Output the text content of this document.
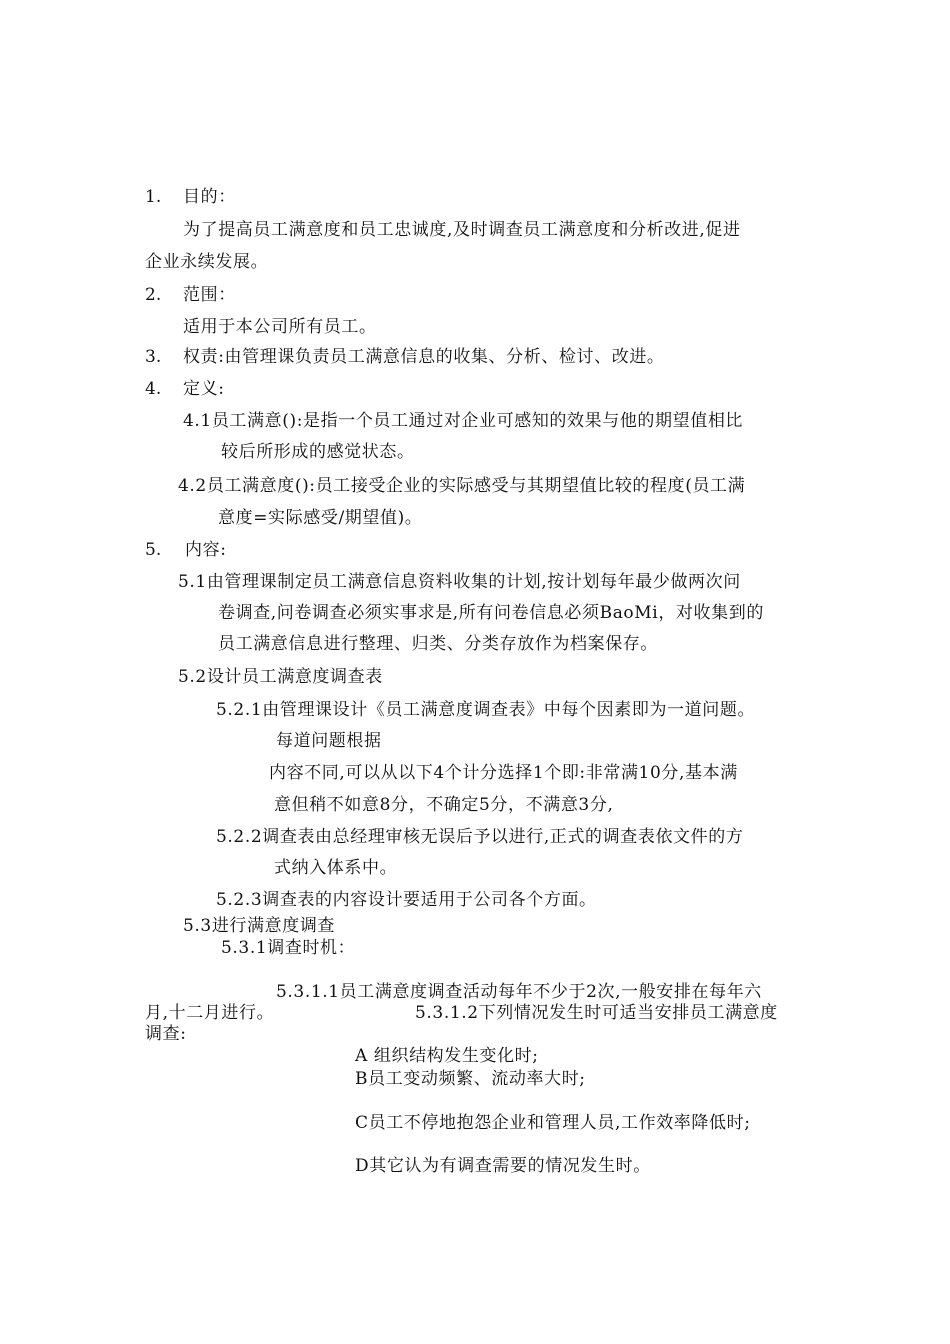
1. 目的：
为了提高员工满意度和员工忠诚度,及时调查员工满意度和分析改进,促进
企业永续发展。
2. 范围：
适用于本公司所有员工。
3. 权责:由管理课负责员工满意信息的收集、分析、检讨、改进。
4. 定义:
4.1员工满意():是指一个员工通过对企业可感知的效果与他的期望值相比
较后所形成的感觉状态。
4.2员工满意度():员工接受企业的实际感受与其期望值比较的程度(员工满
意度=实际感受/期望值)。
5. 内容:
5.1由管理课制定员工满意信息资料收集的计划,按计划每年最少做两次问
卷调查,问卷调查必须实事求是,所有问卷信息必须BaoMi，对收集到的
员工满意信息进行整理、归类、分类存放作为档案保存。
5.2设计员工满意度调查表
5.2.1由管理课设计《员工满意度调查表》中每个因素即为一道问题。
每道问题根据
内容不同,可以从以下4个计分选择1个即:非常满10分,基本满
意但稍不如意8分，不确定5分，不满意3分,
5.2.2调查表由总经理审核无误后予以进行,正式的调查表依文件的方
式纳入体系中。
5.2.3调查表的内容设计要适用于公司各个方面。
5.3进行满意度调查
5.3.1调查时机：
5.3.1.1员工满意度调查活动每年不少于2次,一般安排在每年六
月,十二月进行。	5.3.1.2下列情况发生时可适当安排员工满意度
调查:
A 组织结构发生变化时;
B员工变动频繁、流动率大时;
C员工不停地抱怨企业和管理人员,工作效率降低时;
D其它认为有调查需要的情况发生时。
